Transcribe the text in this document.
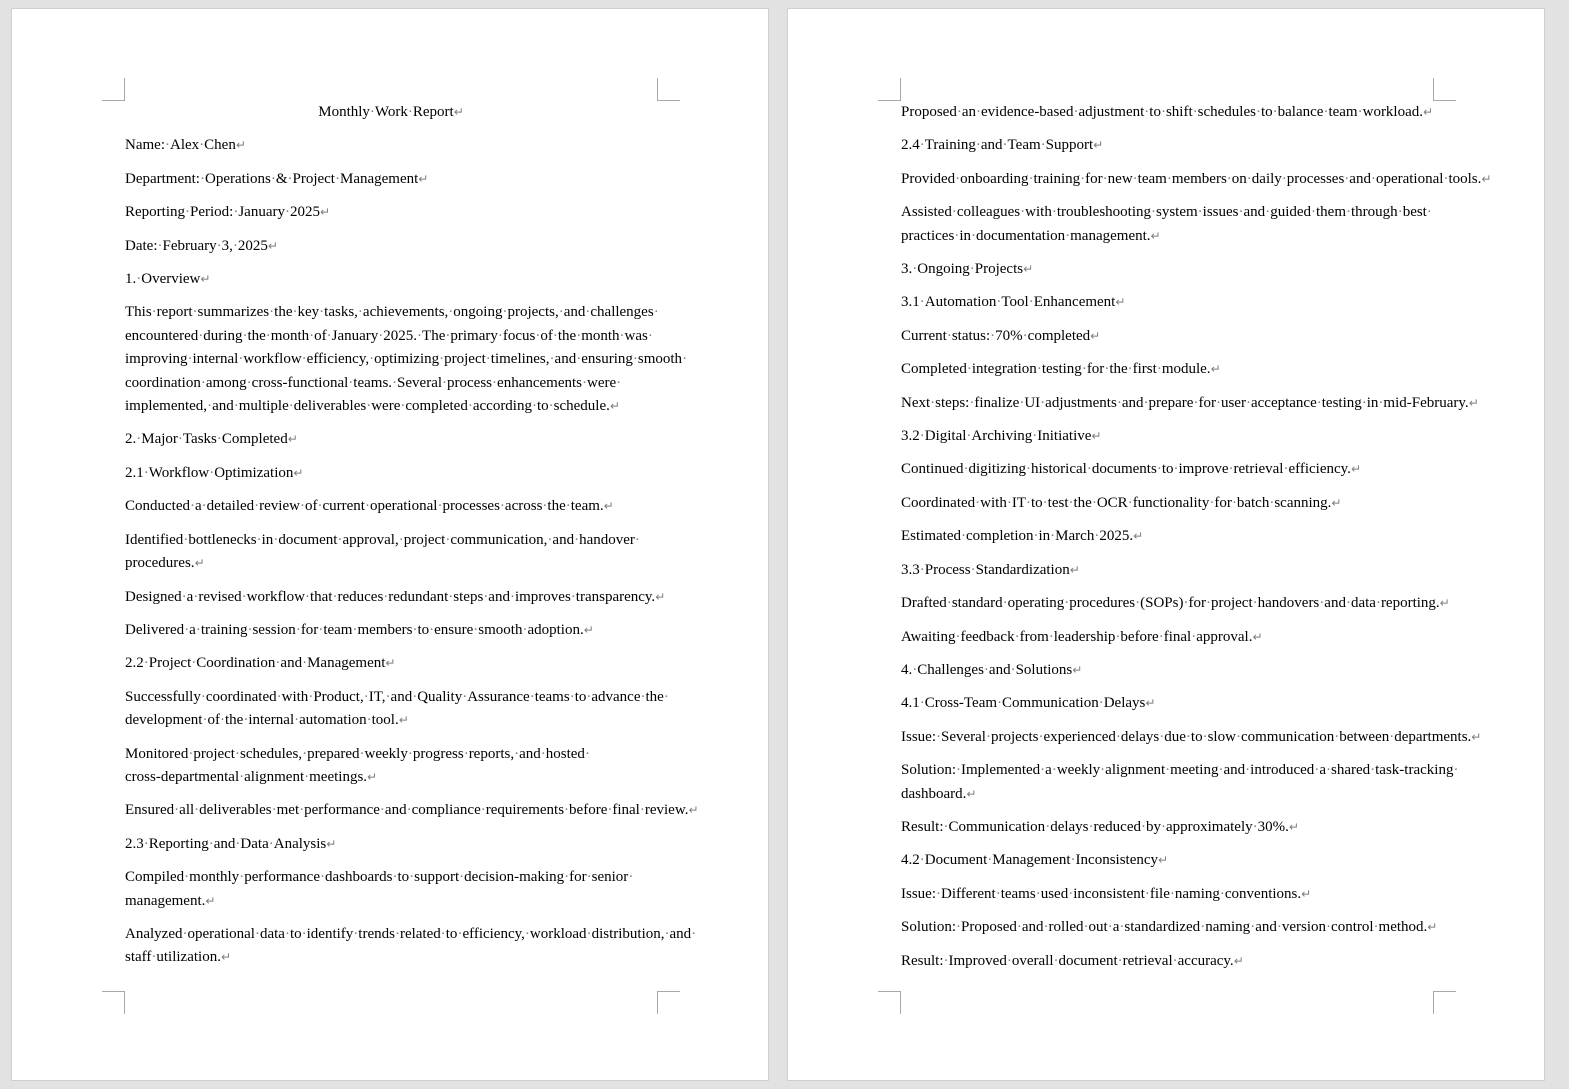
Monthly·Work·Report↵

Name:·Alex·Chen↵

Department:·Operations·&·Project·Management↵

Reporting·Period:·January·2025↵

Date:·February·3,·2025↵

1.·Overview↵

This·report·summarizes·the·key·tasks,·achievements,·ongoing·projects,·and·challenges·
encountered·during·the·month·of·January·2025.·The·primary·focus·of·the·month·was·
improving·internal·workflow·efficiency,·optimizing·project·timelines,·and·ensuring·smooth·
coordination·among·cross-functional·teams.·Several·process·enhancements·were·
implemented,·and·multiple·deliverables·were·completed·according·to·schedule.↵

2.·Major·Tasks·Completed↵

2.1·Workflow·Optimization↵

Conducted·a·detailed·review·of·current·operational·processes·across·the·team.↵

Identified·bottlenecks·in·document·approval,·project·communication,·and·handover·
procedures.↵

Designed·a·revised·workflow·that·reduces·redundant·steps·and·improves·transparency.↵

Delivered·a·training·session·for·team·members·to·ensure·smooth·adoption.↵

2.2·Project·Coordination·and·Management↵

Successfully·coordinated·with·Product,·IT,·and·Quality·Assurance·teams·to·advance·the·
development·of·the·internal·automation·tool.↵

Monitored·project·schedules,·prepared·weekly·progress·reports,·and·hosted·
cross-departmental·alignment·meetings.↵

Ensured·all·deliverables·met·performance·and·compliance·requirements·before·final·review.↵

2.3·Reporting·and·Data·Analysis↵

Compiled·monthly·performance·dashboards·to·support·decision-making·for·senior·
management.↵

Analyzed·operational·data·to·identify·trends·related·to·efficiency,·workload·distribution,·and·
staff·utilization.↵

Proposed·an·evidence-based·adjustment·to·shift·schedules·to·balance·team·workload.↵

2.4·Training·and·Team·Support↵

Provided·onboarding·training·for·new·team·members·on·daily·processes·and·operational·tools.↵

Assisted·colleagues·with·troubleshooting·system·issues·and·guided·them·through·best·
practices·in·documentation·management.↵

3.·Ongoing·Projects↵

3.1·Automation·Tool·Enhancement↵

Current·status:·70%·completed↵

Completed·integration·testing·for·the·first·module.↵

Next·steps:·finalize·UI·adjustments·and·prepare·for·user·acceptance·testing·in·mid-February.↵

3.2·Digital·Archiving·Initiative↵

Continued·digitizing·historical·documents·to·improve·retrieval·efficiency.↵

Coordinated·with·IT·to·test·the·OCR·functionality·for·batch·scanning.↵

Estimated·completion·in·March·2025.↵

3.3·Process·Standardization↵

Drafted·standard·operating·procedures·(SOPs)·for·project·handovers·and·data·reporting.↵

Awaiting·feedback·from·leadership·before·final·approval.↵

4.·Challenges·and·Solutions↵

4.1·Cross-Team·Communication·Delays↵

Issue:·Several·projects·experienced·delays·due·to·slow·communication·between·departments.↵

Solution:·Implemented·a·weekly·alignment·meeting·and·introduced·a·shared·task-tracking·
dashboard.↵

Result:·Communication·delays·reduced·by·approximately·30%.↵

4.2·Document·Management·Inconsistency↵

Issue:·Different·teams·used·inconsistent·file·naming·conventions.↵

Solution:·Proposed·and·rolled·out·a·standardized·naming·and·version·control·method.↵

Result:·Improved·overall·document·retrieval·accuracy.↵
